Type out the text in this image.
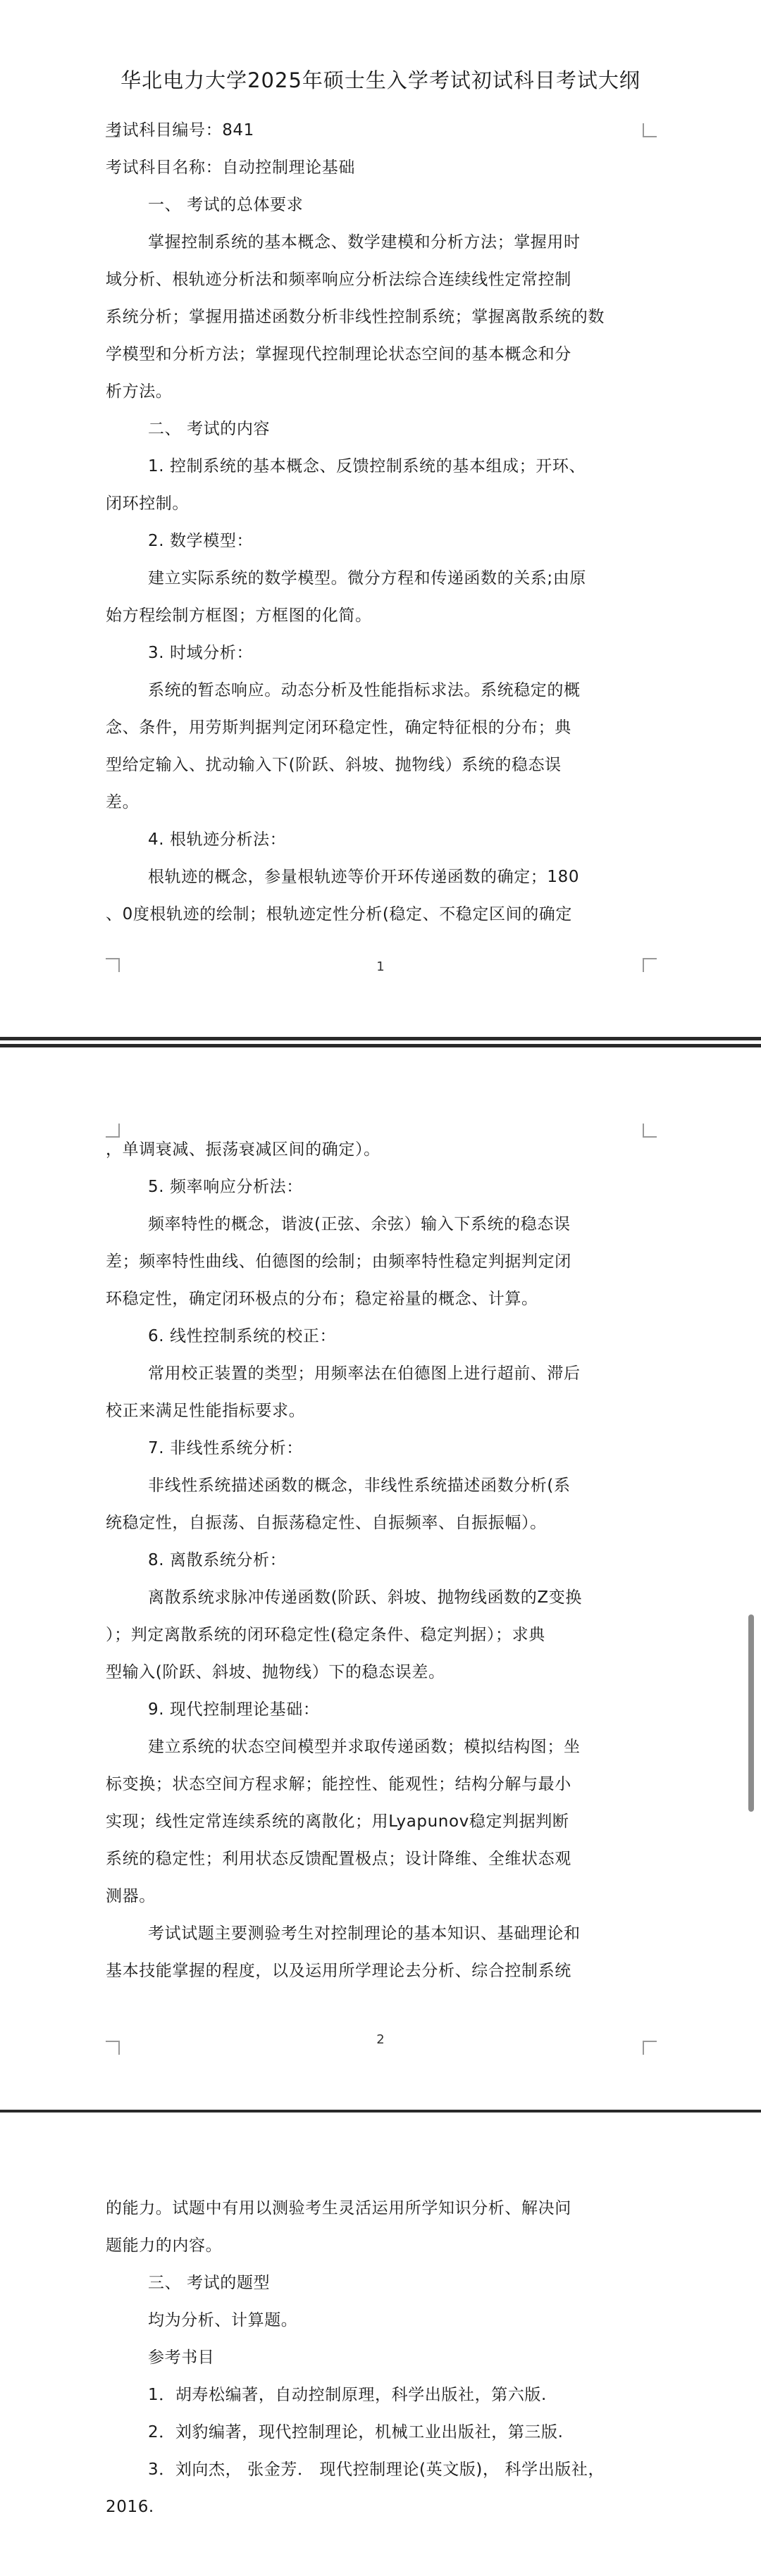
华北电力大学2025年硕士生入学考试初试科目考试大纲
考试科目编号：841
考试科目名称：自动控制理论基础
一、 考试的总体要求
掌握控制系统的基本概念、数学建模和分析方法；掌握用时
域分析、根轨迹分析法和频率响应分析法综合连续线性定常控制
系统分析；掌握用描述函数分析非线性控制系统；掌握离散系统的数
学模型和分析方法；掌握现代控制理论状态空间的基本概念和分
析方法。
二、 考试的内容
1. 控制系统的基本概念、反馈控制系统的基本组成；开环、
闭环控制。
2. 数学模型：
建立实际系统的数学模型。微分方程和传递函数的关系;由原
始方程绘制方框图；方框图的化简。
3. 时域分析：
系统的暂态响应。动态分析及性能指标求法。系统稳定的概
念、条件，用劳斯判据判定闭环稳定性，确定特征根的分布；典
型给定输入、扰动输入下(阶跃、斜坡、抛物线）系统的稳态误
差。
4. 根轨迹分析法：
根轨迹的概念，参量根轨迹等价开环传递函数的确定；180
、0度根轨迹的绘制；根轨迹定性分析(稳定、不稳定区间的确定
1
，单调衰减、振荡衰减区间的确定）。
5. 频率响应分析法：
频率特性的概念，谐波(正弦、余弦）输入下系统的稳态误
差；频率特性曲线、伯德图的绘制；由频率特性稳定判据判定闭
环稳定性，确定闭环极点的分布；稳定裕量的概念、计算。
6. 线性控制系统的校正：
常用校正装置的类型；用频率法在伯德图上进行超前、滞后
校正来满足性能指标要求。
7. 非线性系统分析：
非线性系统描述函数的概念，非线性系统描述函数分析(系
统稳定性，自振荡、自振荡稳定性、自振频率、自振振幅）。
8. 离散系统分析：
离散系统求脉冲传递函数(阶跃、斜坡、抛物线函数的Z变换
）；判定离散系统的闭环稳定性(稳定条件、稳定判据）；求典
型输入(阶跃、斜坡、抛物线）下的稳态误差。
9. 现代控制理论基础：
建立系统的状态空间模型并求取传递函数；模拟结构图；坐
标变换；状态空间方程求解；能控性、能观性；结构分解与最小
实现；线性定常连续系统的离散化；用Lyapunov稳定判据判断
系统的稳定性；利用状态反馈配置极点；设计降维、全维状态观
测器。
考试试题主要测验考生对控制理论的基本知识、基础理论和
基本技能掌握的程度，以及运用所学理论去分析、综合控制系统
2
的能力。试题中有用以测验考生灵活运用所学知识分析、解决问
题能力的内容。
三、 考试的题型
均为分析、计算题。
参考书目
1．胡寿松编著，自动控制原理，科学出版社，第六版.
2．刘豹编著，现代控制理论，机械工业出版社，第三版.
3．刘向杰， 张金芳． 现代控制理论(英文版)， 科学出版社，
2016.
